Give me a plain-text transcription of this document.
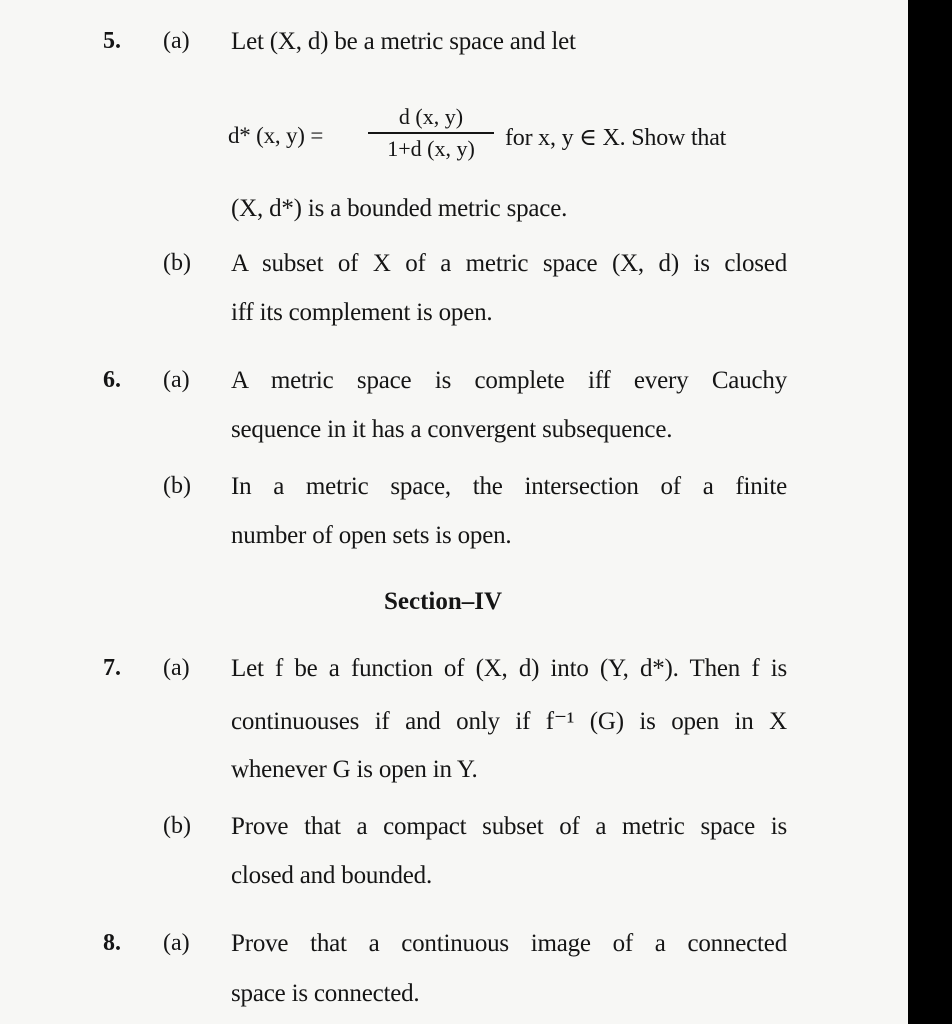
5. (a) Let (X, d) be a metric space and let
d* (x, $y) = \frac{d (x, y)}{1+d (x, y)}$ for x, y ∈ X. Show that
(X, d*) is a bounded metric space.
(b) A subset of X of a metric space (X, d) is closed
iff its complement is open.
6. (a) A metric space is complete iff every Cauchy
sequence in it has a convergent subsequence.
(b) In a metric space, the intersection of a finite
number of open sets is open.
Section–IV
7. (a) Let f be a function of (X, d) into (Y, d*). Then f is
continuouses if and only if f⁻¹ (G) is open in X
whenever G is open in Y.
(b) Prove that a compact subset of a metric space is
closed and bounded.
8. (a) Prove that a continuous image of a connected
space is connected.
